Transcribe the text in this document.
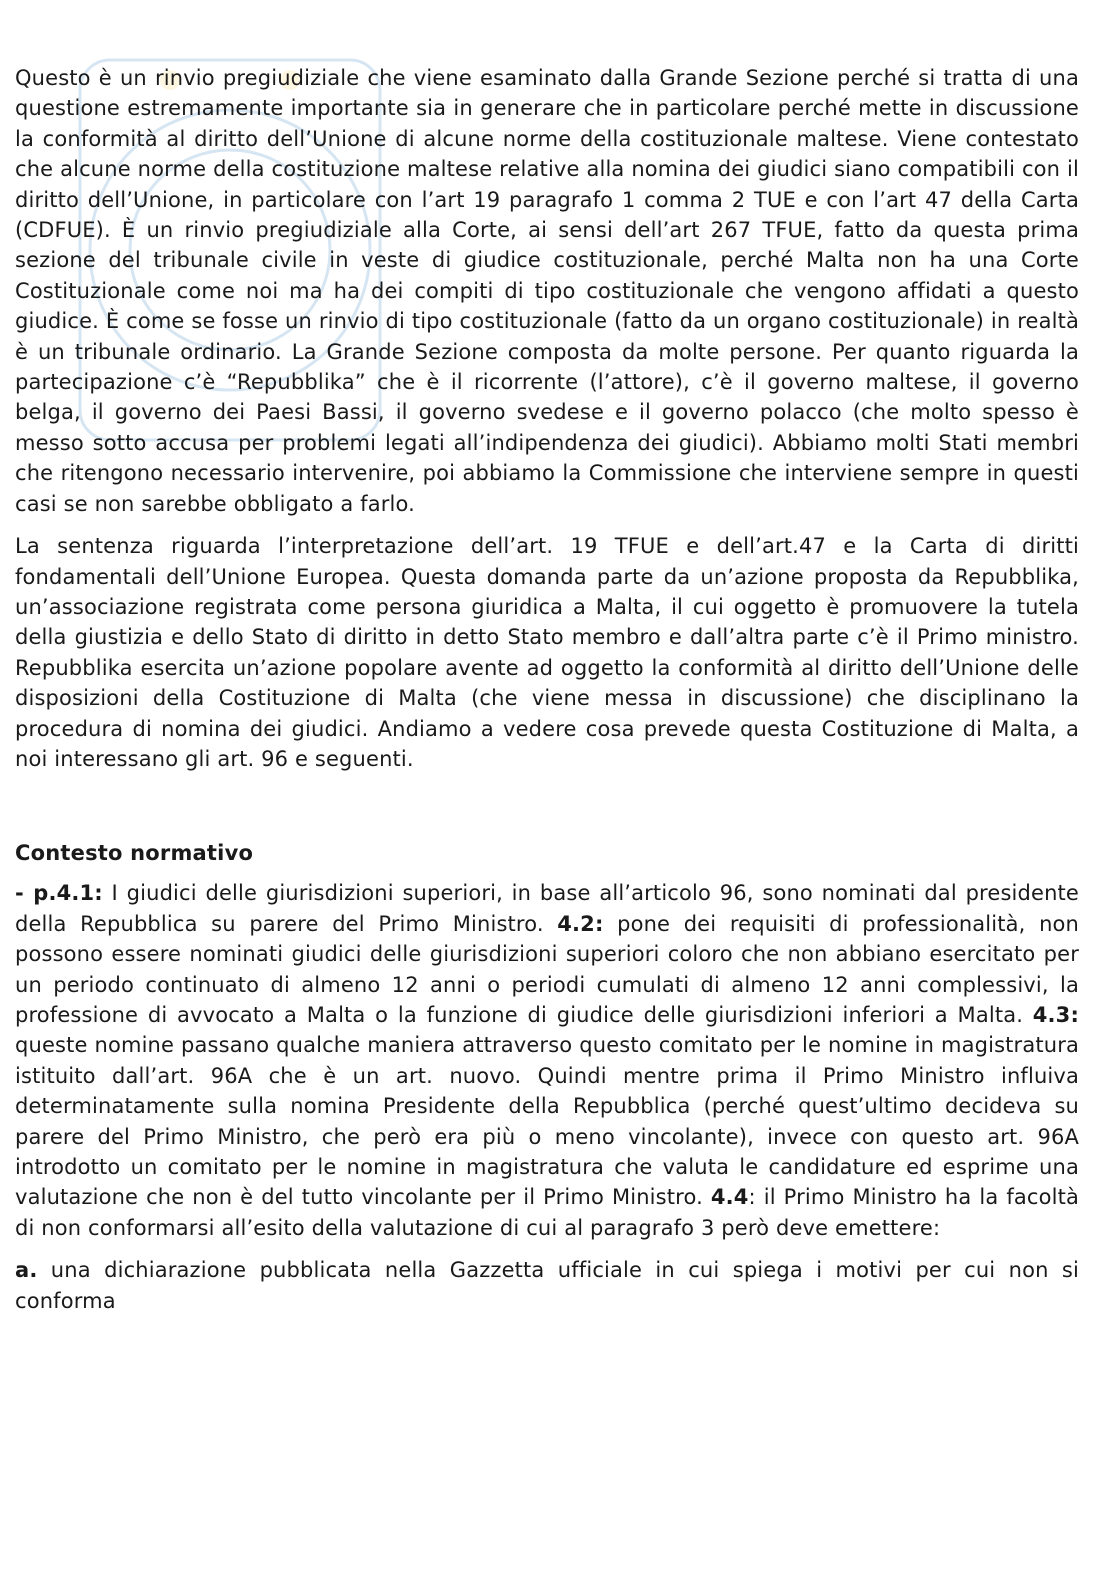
Questo è un rinvio pregiudiziale che viene esaminato dalla Grande Sezione perché si tratta di una questione estremamente importante sia in generare che in particolare perché mette in discussione la conformità al diritto dell’Unione di alcune norme della costituzionale maltese. Viene contestato che alcune norme della costituzione maltese relative alla nomina dei giudici siano compatibili con il diritto dell’Unione, in particolare con l’art 19 paragrafo 1 comma 2 TUE e con l’art 47 della Carta (CDFUE). È un rinvio pregiudiziale alla Corte, ai sensi dell’art 267 TFUE, fatto da questa prima sezione del tribunale civile in veste di giudice costituzionale, perché Malta non ha una Corte Costituzionale come noi ma ha dei compiti di tipo costituzionale che vengono affidati a questo giudice. È come se fosse un rinvio di tipo costituzionale (fatto da un organo costituzionale) in realtà è un tribunale ordinario. La Grande Sezione composta da molte persone. Per quanto riguarda la partecipazione c’è “Repubblika” che è il ricorrente (l’attore), c’è il governo maltese, il governo belga, il governo dei Paesi Bassi, il governo svedese e il governo polacco (che molto spesso è messo sotto accusa per problemi legati all’indipendenza dei giudici). Abbiamo molti Stati membri che ritengono necessario intervenire, poi abbiamo la Commissione che interviene sempre in questi casi se non sarebbe obbligato a farlo.

La sentenza riguarda l’interpretazione dell’art. 19 TFUE e dell’art.47 e la Carta di diritti fondamentali dell’Unione Europea. Questa domanda parte da un’azione proposta da Repubblika, un’associazione registrata come persona giuridica a Malta, il cui oggetto è promuovere la tutela della giustizia e dello Stato di diritto in detto Stato membro e dall’altra parte c’è il Primo ministro. Repubblika esercita un’azione popolare avente ad oggetto la conformità al diritto dell’Unione delle disposizioni della Costituzione di Malta (che viene messa in discussione) che disciplinano la procedura di nomina dei giudici. Andiamo a vedere cosa prevede questa Costituzione di Malta, a noi interessano gli art. 96 e seguenti.

Contesto normativo

- p.4.1: I giudici delle giurisdizioni superiori, in base all’articolo 96, sono nominati dal presidente della Repubblica su parere del Primo Ministro. 4.2: pone dei requisiti di professionalità, non possono essere nominati giudici delle giurisdizioni superiori coloro che non abbiano esercitato per un periodo continuato di almeno 12 anni o periodi cumulati di almeno 12 anni complessivi, la professione di avvocato a Malta o la funzione di giudice delle giurisdizioni inferiori a Malta. 4.3: queste nomine passano qualche maniera attraverso questo comitato per le nomine in magistratura istituito dall’art. 96A che è un art. nuovo. Quindi mentre prima il Primo Ministro influiva determinatamente sulla nomina Presidente della Repubblica (perché quest’ultimo decideva su parere del Primo Ministro, che però era più o meno vincolante), invece con questo art. 96A introdotto un comitato per le nomine in magistratura che valuta le candidature ed esprime una valutazione che non è del tutto vincolante per il Primo Ministro. 4.4: il Primo Ministro ha la facoltà di non conformarsi all’esito della valutazione di cui al paragrafo 3 però deve emettere:

a. una dichiarazione pubblicata nella Gazzetta ufficiale in cui spiega i motivi per cui non si conforma
